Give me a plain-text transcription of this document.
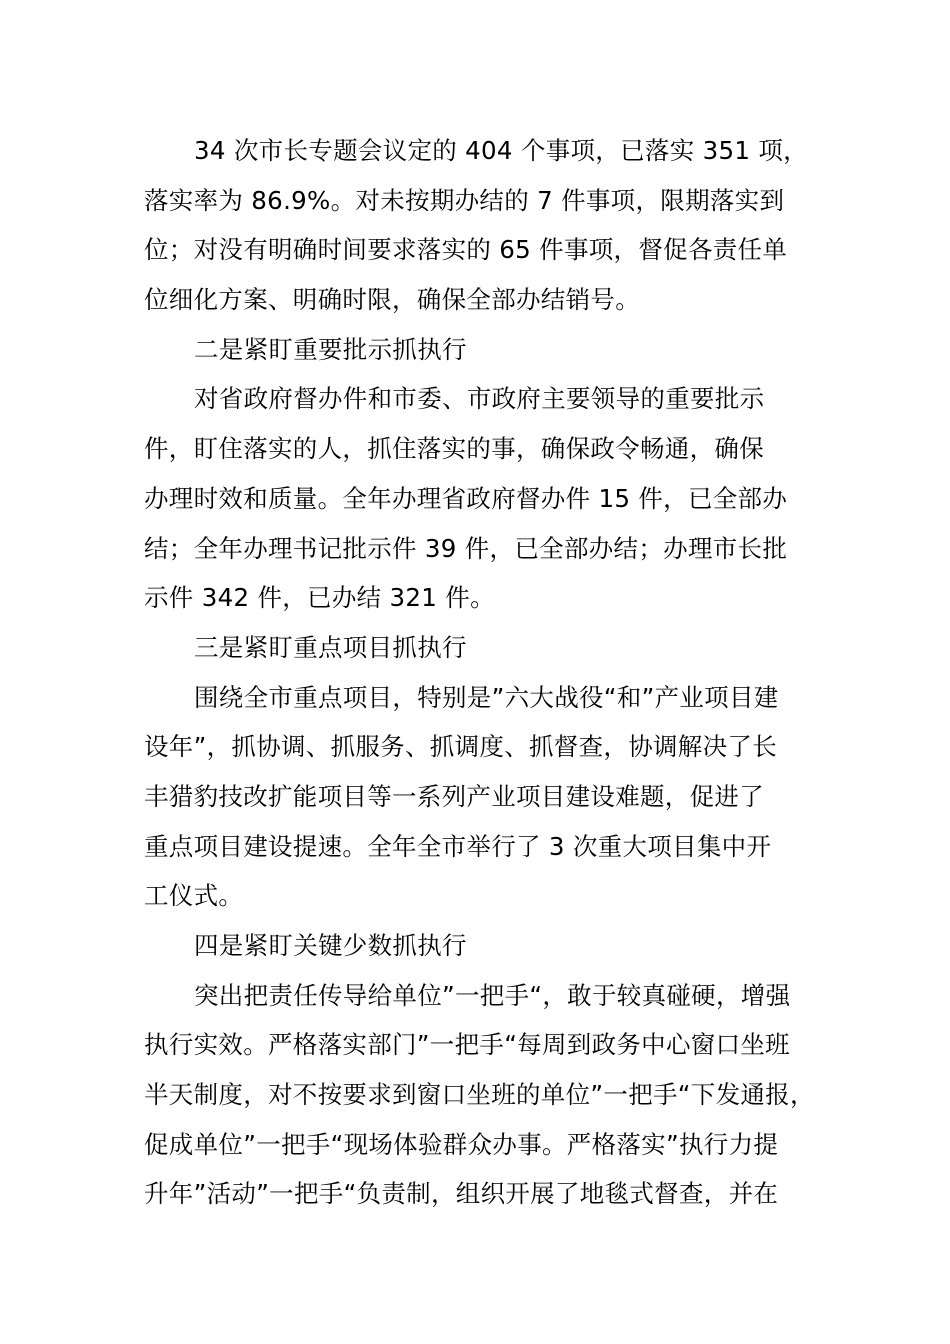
34 次市长专题会议定的 404 个事项，已落实 351 项，
落实率为 86.9%。对未按期办结的 7 件事项，限期落实到
位；对没有明确时间要求落实的 65 件事项，督促各责任单
位细化方案、明确时限，确保全部办结销号。
二是紧盯重要批示抓执行
对省政府督办件和市委、市政府主要领导的重要批示
件，盯住落实的人，抓住落实的事，确保政令畅通，确保
办理时效和质量。全年办理省政府督办件 15 件，已全部办
结；全年办理书记批示件 39 件，已全部办结；办理市长批
示件 342 件，已办结 321 件。
三是紧盯重点项目抓执行
围绕全市重点项目，特别是”六大战役“和”产业项目建
设年”，抓协调、抓服务、抓调度、抓督查，协调解决了长
丰猎豹技改扩能项目等一系列产业项目建设难题，促进了
重点项目建设提速。全年全市举行了 3 次重大项目集中开
工仪式。
四是紧盯关键少数抓执行
突出把责任传导给单位”一把手“，敢于较真碰硬，增强
执行实效。严格落实部门”一把手“每周到政务中心窗口坐班
半天制度，对不按要求到窗口坐班的单位”一把手“下发通报，
促成单位”一把手“现场体验群众办事。严格落实”执行力提
升年”活动”一把手“负责制，组织开展了地毯式督查，并在
